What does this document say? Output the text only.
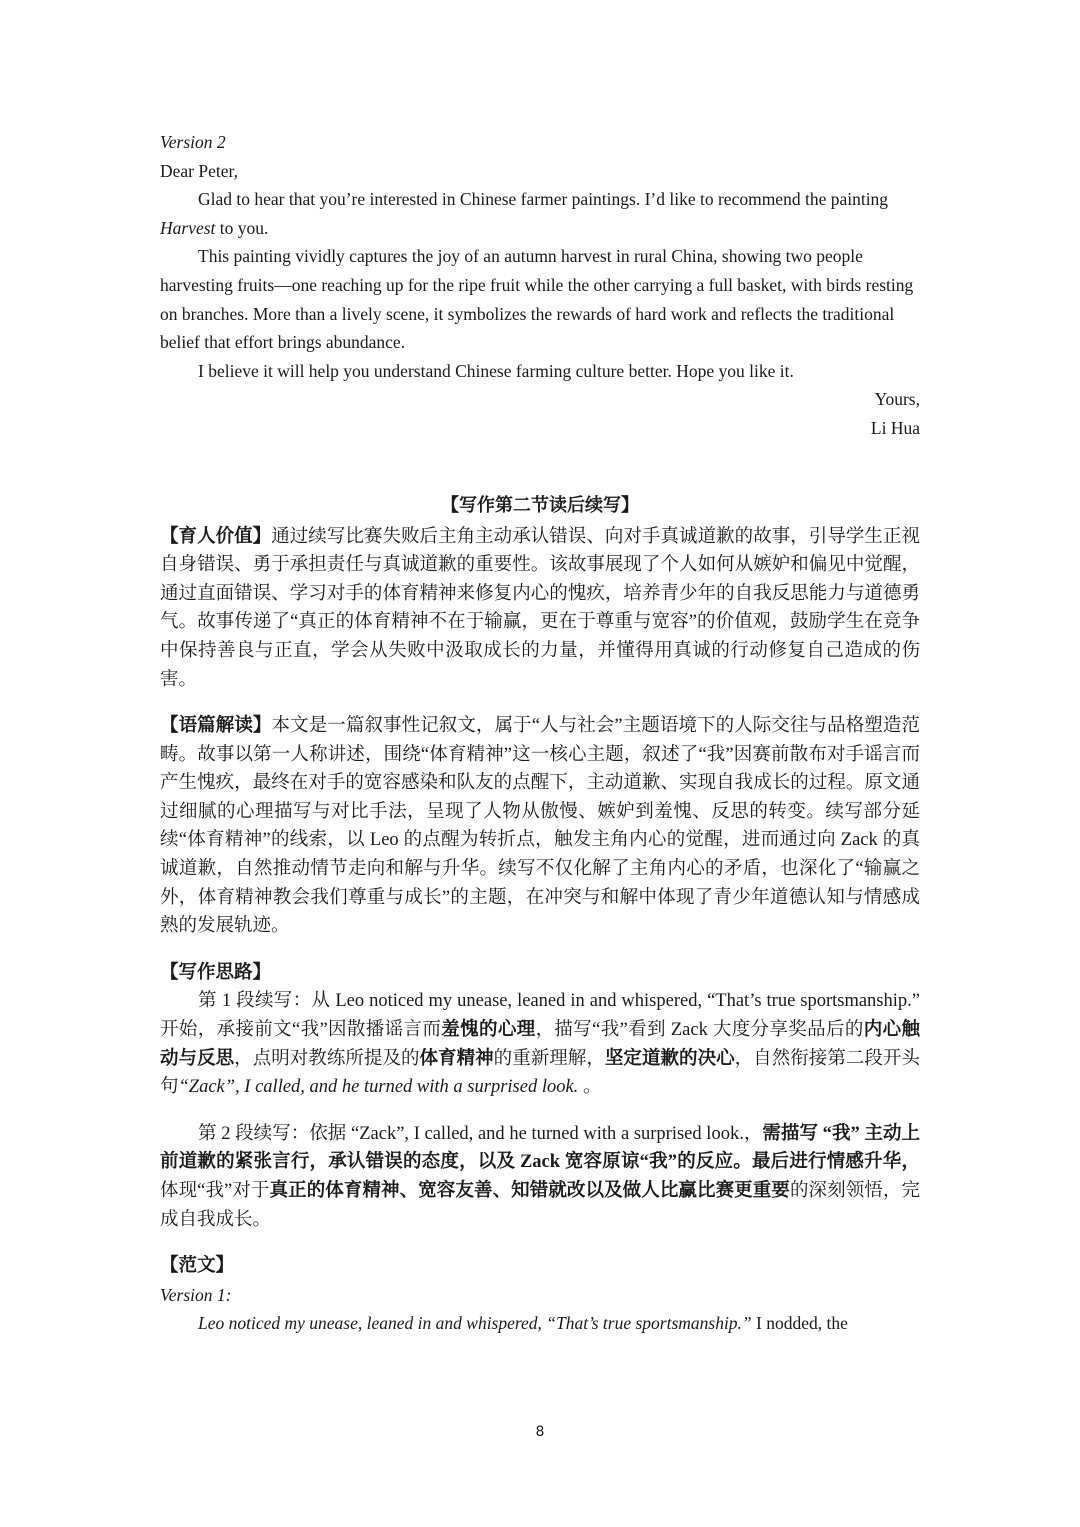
Version 2

Dear Peter,

Glad to hear that you’re interested in Chinese farmer paintings. I’d like to recommend the painting Harvest to you.

This painting vividly captures the joy of an autumn harvest in rural China, showing two people harvesting fruits—one reaching up for the ripe fruit while the other carrying a full basket, with birds resting on branches. More than a lively scene, it symbolizes the rewards of hard work and reflects the traditional belief that effort brings abundance.

I believe it will help you understand Chinese farming culture better. Hope you like it.

Yours,

Li Hua

【写作第二节读后续写】

【育人价值】通过续写比赛失败后主角主动承认错误、向对手真诚道歉的故事，引导学生正视自身错误、勇于承担责任与真诚道歉的重要性。该故事展现了个人如何从嫉妒和偏见中觉醒，通过直面错误、学习对手的体育精神来修复内心的愧疚，培养青少年的自我反思能力与道德勇气。故事传递了“真正的体育精神不在于输赢，更在于尊重与宽容”的价值观，鼓励学生在竞争中保持善良与正直，学会从失败中汲取成长的力量，并懂得用真诚的行动修复自己造成的伤害。

【语篇解读】本文是一篇叙事性记叙文，属于“人与社会”主题语境下的人际交往与品格塑造范畴。故事以第一人称讲述，围绕“体育精神”这一核心主题，叙述了“我”因赛前散布对手谣言而产生愧疚，最终在对手的宽容感染和队友的点醒下，主动道歉、实现自我成长的过程。原文通过细腻的心理描写与对比手法，呈现了人物从傲慢、嫉妒到羞愧、反思的转变。续写部分延续“体育精神”的线索，以 Leo 的点醒为转折点，触发主角内心的觉醒，进而通过向 Zack 的真诚道歉，自然推动情节走向和解与升华。续写不仅化解了主角内心的矛盾，也深化了“输赢之外，体育精神教会我们尊重与成长”的主题，在冲突与和解中体现了青少年道德认知与情感成熟的发展轨迹。

【写作思路】

第 1 段续写：从 Leo noticed my unease, leaned in and whispered, “That’s true sportsmanship.” 开始，承接前文“我”因散播谣言而羞愧的心理，描写“我”看到 Zack 大度分享奖品后的内心触动与反思，点明对教练所提及的体育精神的重新理解，坚定道歉的决心，自然衔接第二段开头句“Zack”, I called, and he turned with a surprised look. 。

第 2 段续写：依据 “Zack”, I called, and he turned with a surprised look.，需描写 “我” 主动上前道歉的紧张言行，承认错误的态度，以及 Zack 宽容原谅“我”的反应。最后进行情感升华，体现“我”对于真正的体育精神、宽容友善、知错就改以及做人比赢比赛更重要的深刻领悟，完成自我成长。

【范文】

Version 1:

Leo noticed my unease, leaned in and whispered, “That’s true sportsmanship.” I nodded, the

8
